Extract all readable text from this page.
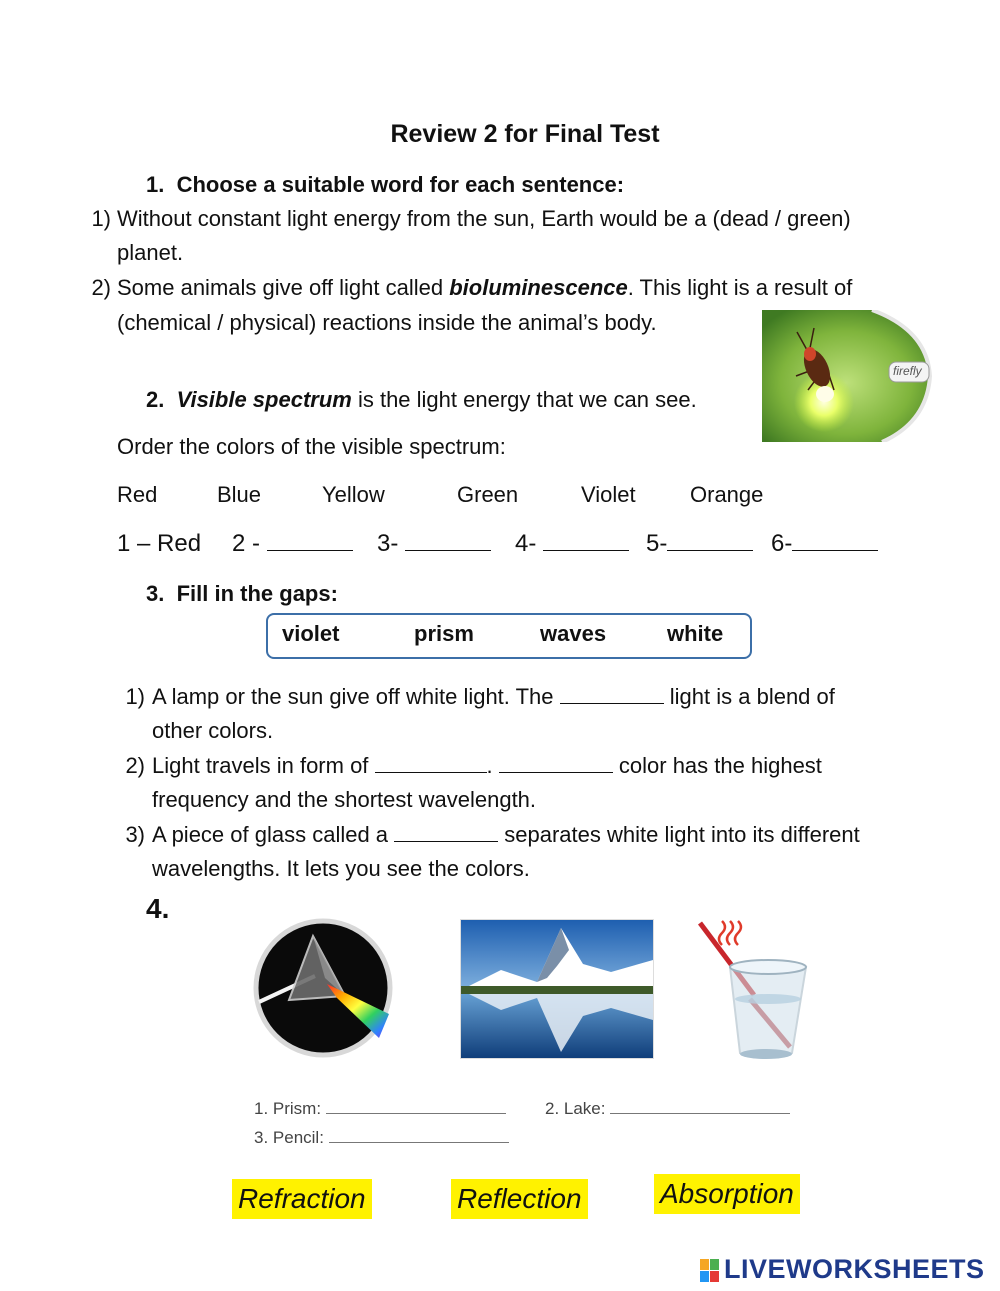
Review 2 for Final Test
1. Choose a suitable word for each sentence:
1) Without constant light energy from the sun, Earth would be a (dead / green)
planet.
2) Some animals give off light called bioluminescence. This light is a result of
(chemical / physical) reactions inside the animal’s body.
firefly
2. Visible spectrum is the light energy that we can see.
Order the colors of the visible spectrum:
Red	Blue	Yellow	Green	Violet Orange
1 – Red 2 -	3-	4-	5-	6-
3. Fill in the gaps:
violet	prism	waves	white
1) A lamp or the sun give off white light. The	light is a blend of
other colors.
2) Light travels in form of	.	color has the highest
frequency and the shortest wavelength.
3) A piece of glass called a	separates white light into its different
wavelengths. It lets you see the colors.
4.
1. Prism:	2. Lake:
3. Pencil:
Refraction	Reflection	Absorption
LIVEWORKSHEETS
